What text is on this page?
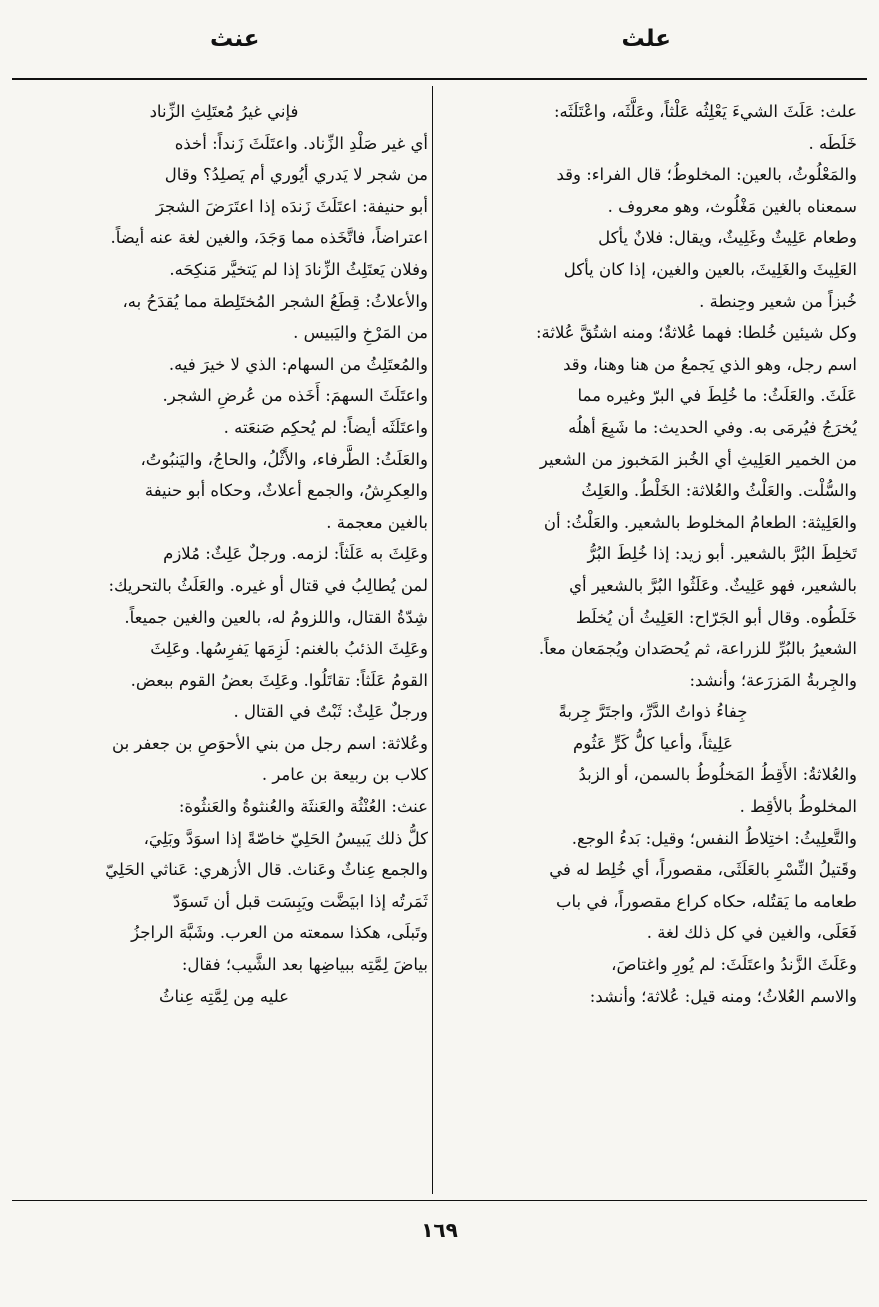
علث
عنث
علث: عَلَثَ الشيءَ يَعْلِثُه عَلْثاً، وعَلَّثَه، واعْتَلَثَه:
خَلَطَه .
والمَعْلُوثُ، بالعين: المخلوطُ؛ قال الفراء: وقد
سمعناه بالغين مَغْلُوث، وهو معروف .
وطعام عَلِيثٌ وغَلِيثٌ، ويقال: فلانٌ يأكل
العَلِيثَ والغَلِيثَ، بالعين والغين، إذا كان يأكل
خُبزاً من شعير وحِنطة .
وكل شيئين خُلطا: فهما عُلاثةٌ؛ ومنه اشتُقَّ عُلاثة:
اسم رجل، وهو الذي يَجمعُ من هنا وهنا، وقد
عَلَثَ. والعَلَثُ: ما خُلِطَ في البرّ وغيره مما
يُخرَجُ فيُرمَى به. وفي الحديث: ما شَبِعَ أهلُه
من الخمير العَلِيثِ أي الخُبز المَخبوز من الشعير
والسُّلْت. والعَلْثُ والعُلاثة: الخَلْطُ. والعَلِثُ
والعَلِيثة: الطعامُ المخلوط بالشعير. والعَلْثُ: أن
تَخلِطَ البُرَّ بالشعير. أبو زيد: إذا خُلِطَ البُرُّ
بالشعير، فهو عَلِيثٌ. وعَلَثُوا البُرَّ بالشعير أي
خَلَطُوه. وقال أبو الجَرّاح: العَلِيثُ أن يُخلَط
الشعيرُ بالبُرِّ للزراعة، ثم يُحصَدان ويُجمَعان معاً.
والجِربةُ المَزرَعة؛ وأنشد:
جِفاءُ ذواتُ الدَّرِّ، واجتَرَّ جِربةً
عَلِيثاً، وأعيا كلُّ كَرٍّ عَثُوم
والعُلاثةُ: الأَقِطُ المَخلُوطُ بالسمن، أو الزبدُ
المخلوطُ بالأقِط .
والتَّعلِيثُ: اختِلاطُ النفس؛ وقيل: بَدءُ الوجع.
وقَتيلُ النِّسْرِ بالعَلَثَى، مقصوراً، أي خُلِط له في
طعامه ما يَقتُله، حكاه كراع مقصوراً، في باب
فَعَلَى، والغين في كل ذلك لغة .
وعَلَثَ الزَّندُ واعتَلَثَ: لم يُورِ واغتاصَ،
والاسم العُلاثُ؛ ومنه قيل: عُلاثة؛ وأنشد:
فإني غيرُ مُعتَلِثِ الزِّناد
أي غير صَلْدِ الزِّناد. واعتَلَثَ زَنداً: أخذه
من شجر لا يَدري أيُوري أم يَصلِدُ؟ وقال
أبو حنيفة: اعتَلَثَ زَندَه إذا اعتَرَضَ الشجرَ
اعتراضاً، فاتَّخَذه مما وَجَدَ، والغين لغة عنه أيضاً.
وفلان يَعتَلِثُ الزِّنادَ إذا لم يَتخيَّر مَنكِحَه.
والأعلاثُ: قِطَعُ الشجر المُختَلِطة مما يُقدَحُ به،
من المَرْخِ واليَبيس .
والمُعتَلِثُ من السهام: الذي لا خيرَ فيه.
واعتَلَثَ السهمَ: أَخَذه من عُرضِ الشجر.
واعتَلَثَه أيضاً: لم يُحكِم صَنعَته .
والعَلَثُ: الطَّرفاء، والأَثْلُ، والحاجُ، واليَنبُوتُ،
والعِكرِشُ، والجمع أعلاثٌ، وحكاه أبو حنيفة
بالغين معجمة .
وعَلِثَ به عَلَثاً: لزمه. ورجلٌ عَلِثٌ: مُلازم
لمن يُطالِبُ في قتال أو غيره. والعَلَثُ بالتحريك:
شِدّةُ القتال، واللزومُ له، بالعين والغين جميعاً.
وعَلِثَ الذئبُ بالغنم: لَزِمَها يَفرِسُها. وعَلِثَ
القومُ عَلَثاً: تقاتَلُوا. وعَلِثَ بعضُ القوم ببعض.
ورجلٌ عَلِثٌ: ثَبْتٌ في القتال .
وعُلاثة: اسم رجل من بني الأحوَصِ بن جعفر بن
كلاب بن ربيعة بن عامر .
عنث: العُنْثُة والعَنثَة والعُنثوةُ والعَنثُوة:
كلُّ ذلك يَبيسُ الحَلِيّ خاصّةً إذا اسوَدَّ وبَلِيَ،
والجمع عِناثٌ وعَناث. قال الأزهري: عَناثي الحَلِيّ
ثَمَرتُه إذا ابيَضَّت ويَبِسَت قبل أن تَسوَدّ
وتَبلَى، هكذا سمعته من العرب. وشَبَّهَ الراجزُ
بياضَ لِمَّتِه ببياضِها بعد الشَّيب؛ فقال:
عليه مِن لِمَّتِه عِناثُ
١٦٩
